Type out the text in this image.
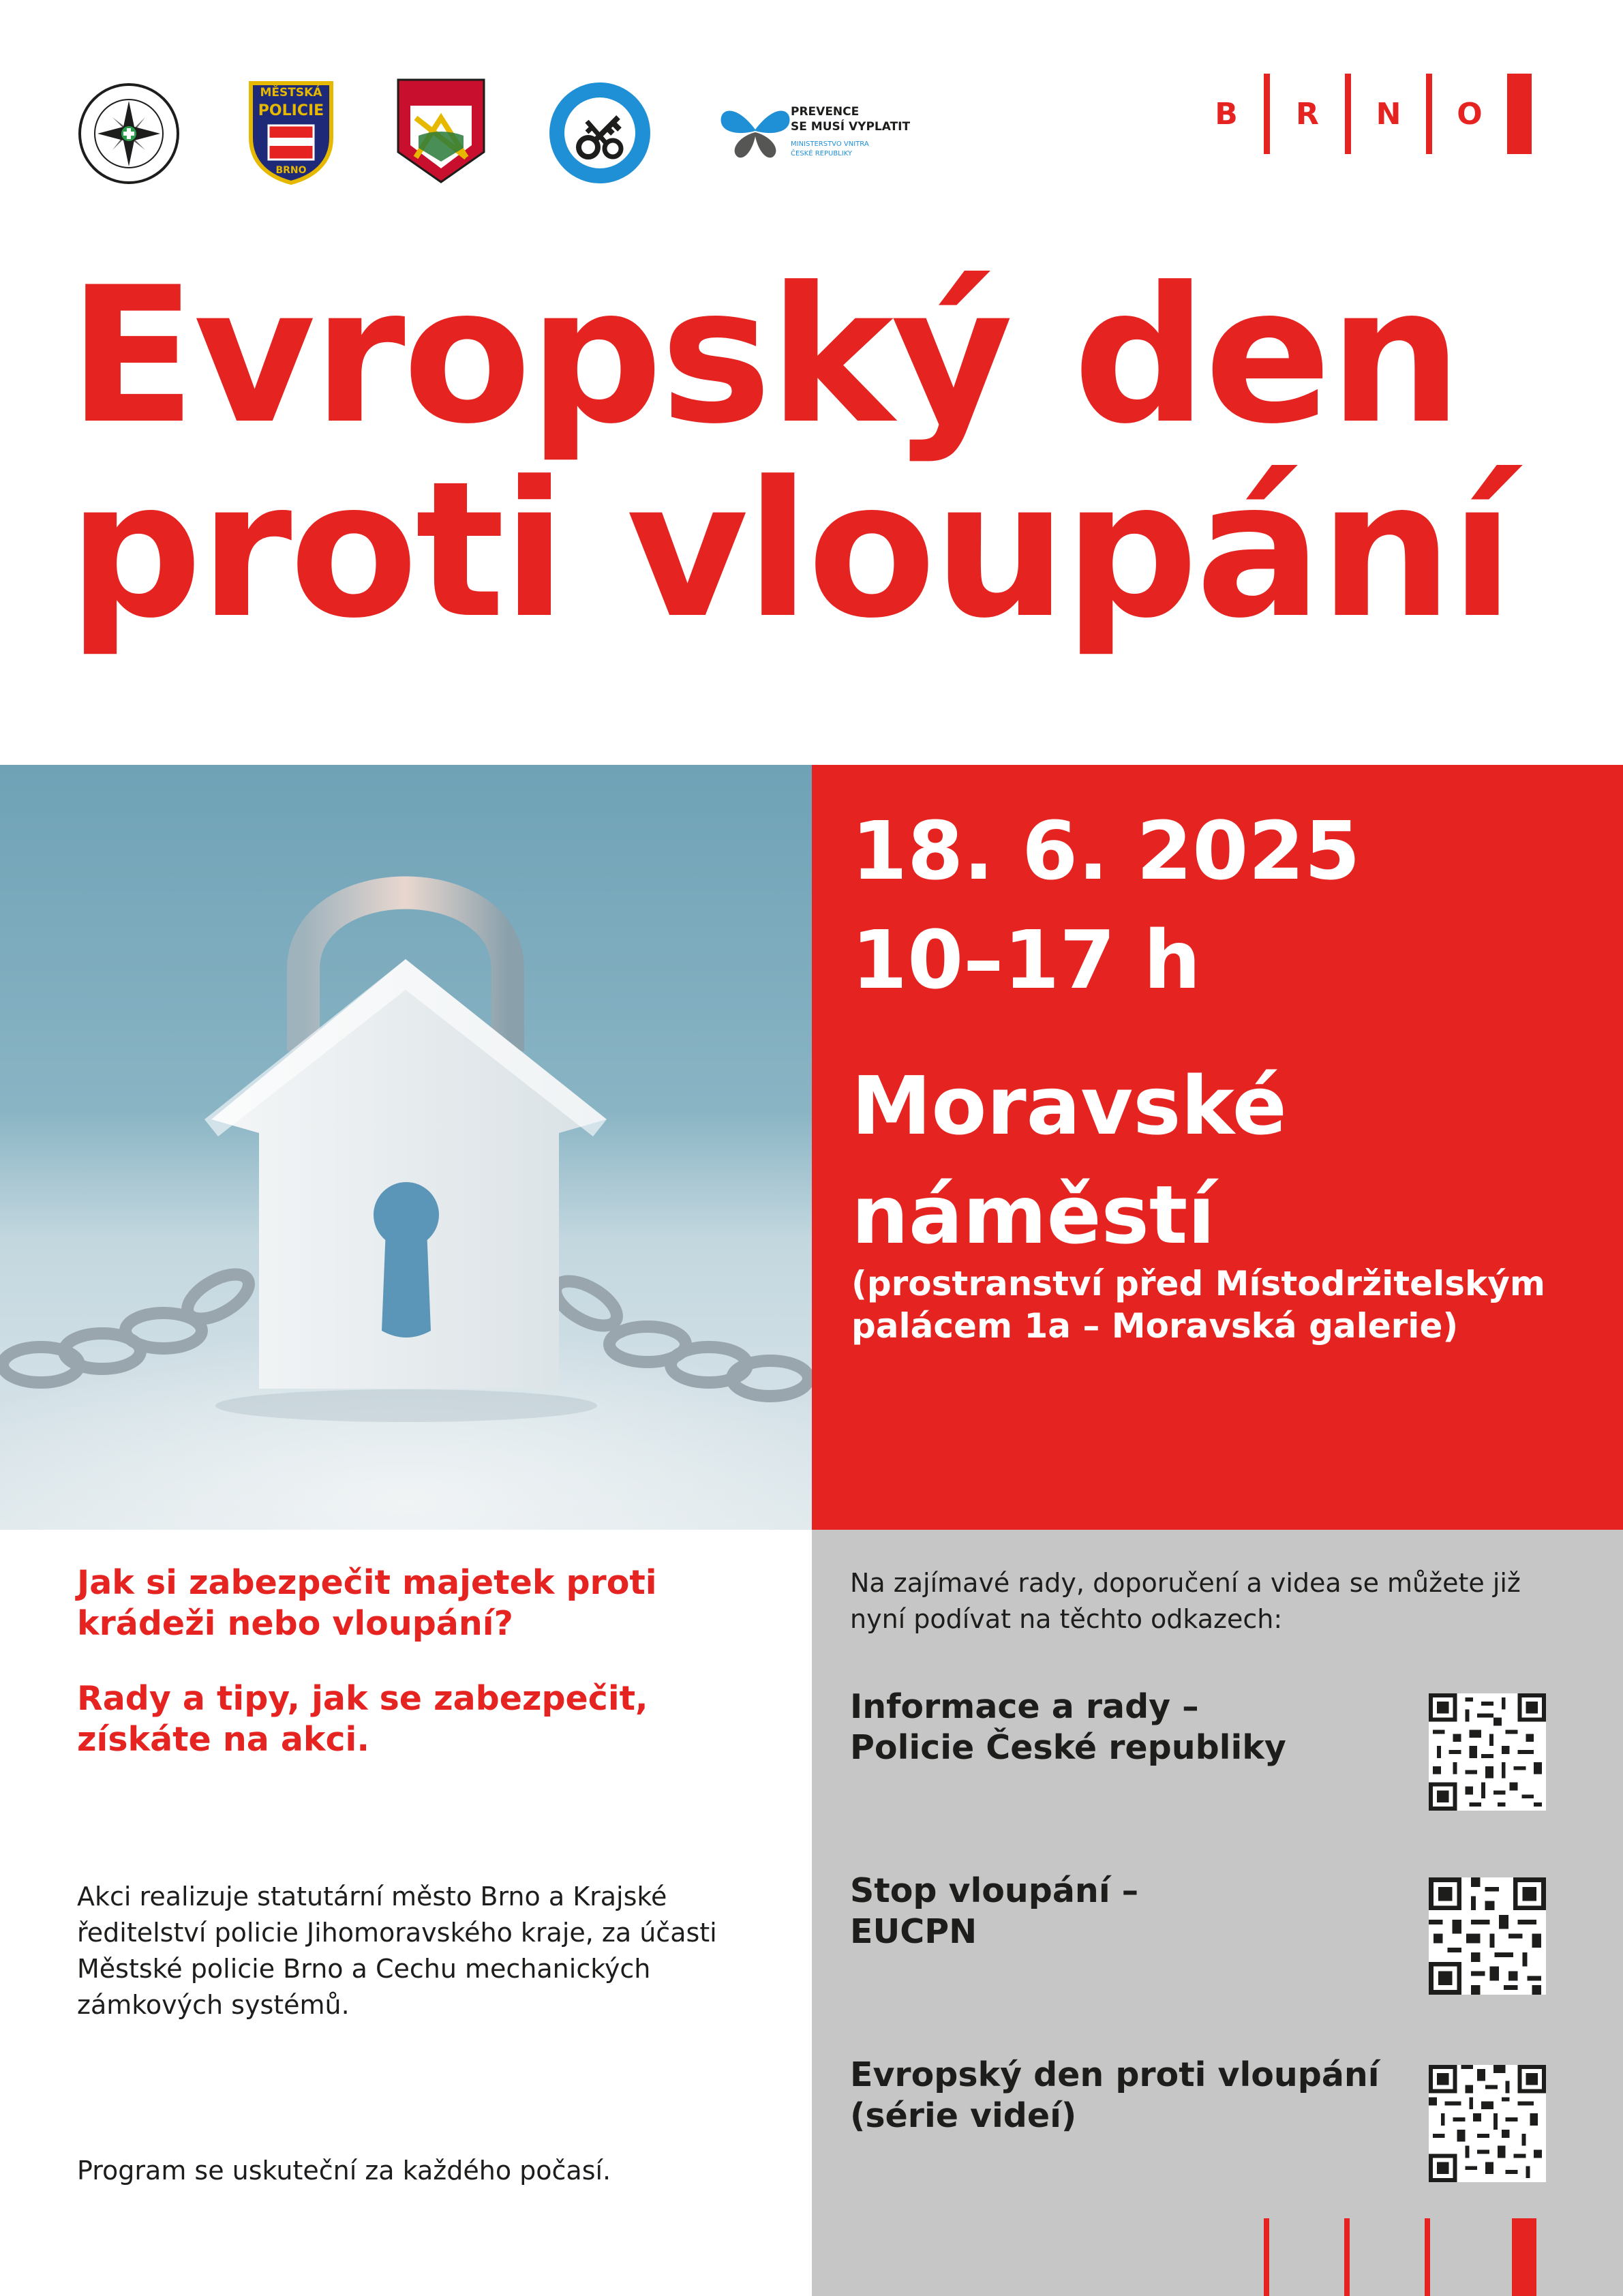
MĚSTSKÁ
POLICIE
BRNO
PREVENCE
SE MUSÍ VYPLATIT
MINISTERSTVO VNITRA
ČESKÉ REPUBLIKY
B R N O
Evropský den
proti vloupání
18. 6. 2025
10–17 h
Moravské
náměstí
(prostranství před Místodržitelským palácem 1a – Moravská galerie)
Jak si zabezpečit majetek proti krádeži nebo vloupání?
Rady a tipy, jak se zabezpečit, získáte na akci.
Akci realizuje statutární město Brno a Krajské ředitelství policie Jihomoravského kraje, za účasti Městské policie Brno a Cechu mechanických zámkových systémů.
Program se uskuteční za každého počasí.
Na zajímavé rady, doporučení a videa se můžete již nyní podívat na těchto odkazech:
Informace a rady –
Policie České republiky
Stop vloupání –
EUCPN
Evropský den proti vloupání
(série videí)
